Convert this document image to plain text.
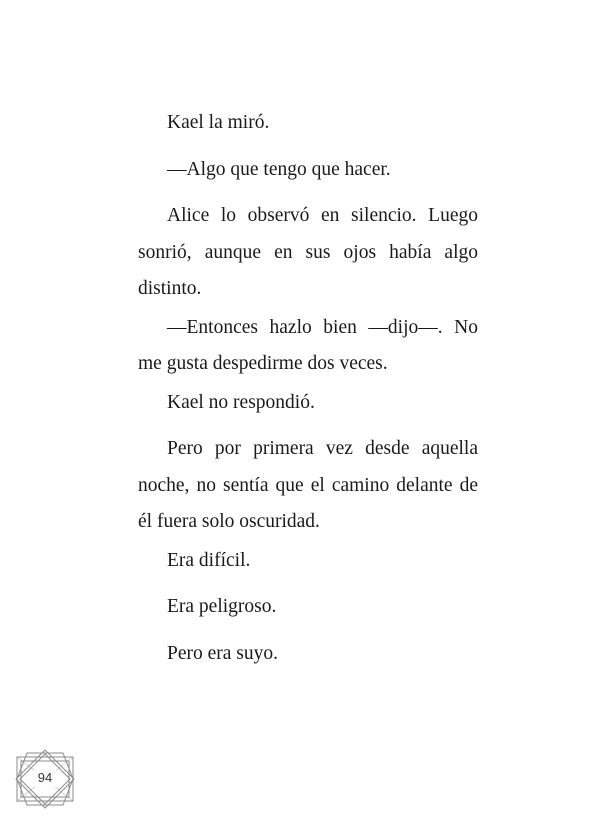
Kael la miró.

—Algo que tengo que hacer.

Alice lo observó en silencio. Luego sonrió, aunque en sus ojos había algo distinto.

—Entonces hazlo bien —dijo—. No me gusta despedirme dos veces.

Kael no respondió.

Pero por primera vez desde aquella noche, no sentía que el camino delante de él fuera solo oscuridad.

Era difícil.

Era peligroso.

Pero era suyo.

94
